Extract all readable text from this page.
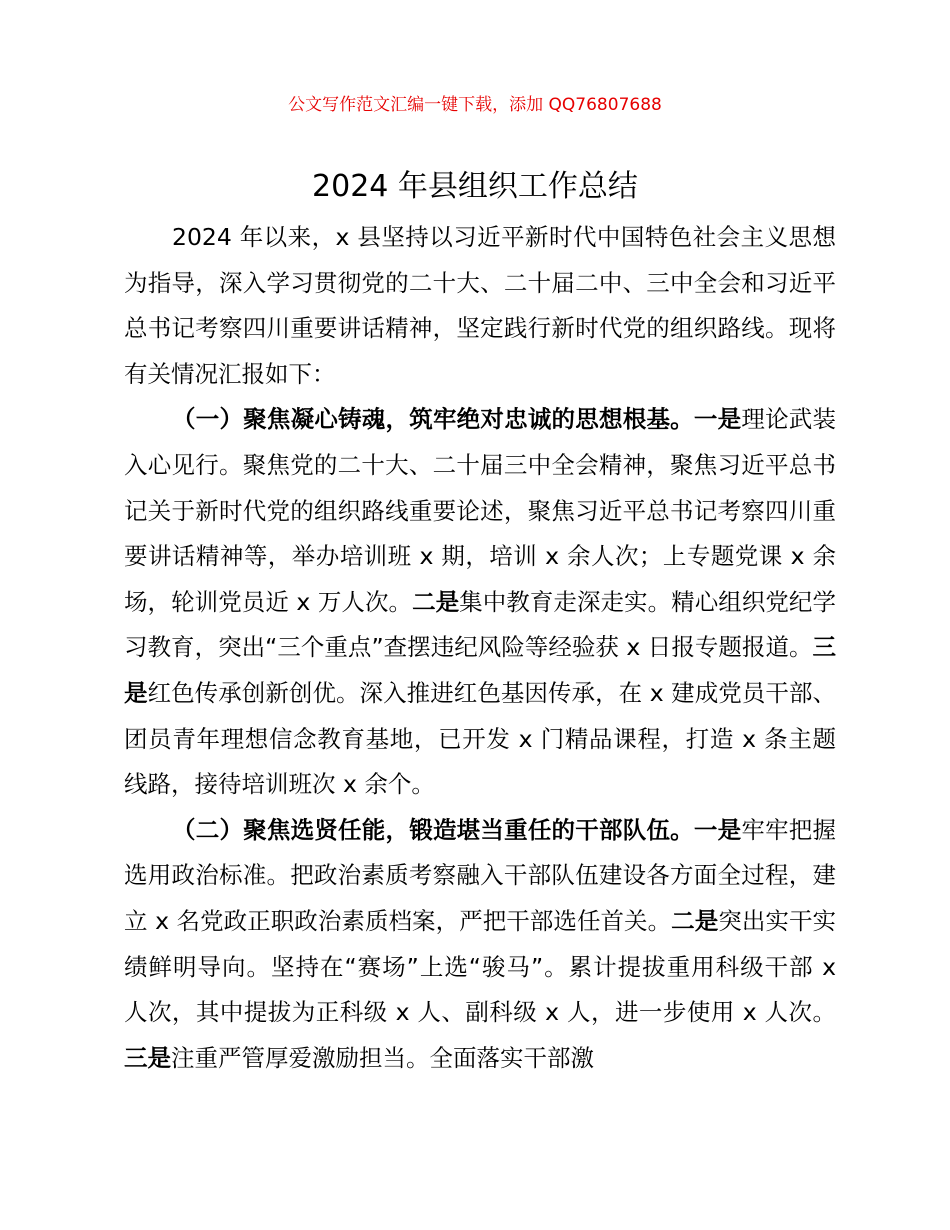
公文写作范文汇编一键下载，添加 QQ76807688
2024 年县组织工作总结

2024 年以来，x 县坚持以习近平新时代中国特色社会主义思想为指导，深入学习贯彻党的二十大、二十届二中、三中全会和习近平总书记考察四川重要讲话精神，坚定践行新时代党的组织路线。现将有关情况汇报如下：

（一）聚焦凝心铸魂，筑牢绝对忠诚的思想根基。一是理论武装入心见行。聚焦党的二十大、二十届三中全会精神，聚焦习近平总书记关于新时代党的组织路线重要论述，聚焦习近平总书记考察四川重要讲话精神等，举办培训班 x 期，培训 x 余人次；上专题党课 x 余场，轮训党员近 x 万人次。二是集中教育走深走实。精心组织党纪学习教育，突出“三个重点”查摆违纪风险等经验获 x 日报专题报道。三是红色传承创新创优。深入推进红色基因传承，在 x 建成党员干部、团员青年理想信念教育基地，已开发 x 门精品课程，打造 x 条主题线路，接待培训班次 x 余个。

（二）聚焦选贤任能，锻造堪当重任的干部队伍。一是牢牢把握选用政治标准。把政治素质考察融入干部队伍建设各方面全过程，建立 x 名党政正职政治素质档案，严把干部选任首关。二是突出实干实绩鲜明导向。坚持在“赛场”上选“骏马”。累计提拔重用科级干部 x 人次，其中提拔为正科级 x 人、副科级 x 人，进一步使用 x 人次。三是注重严管厚爱激励担当。全面落实干部激
